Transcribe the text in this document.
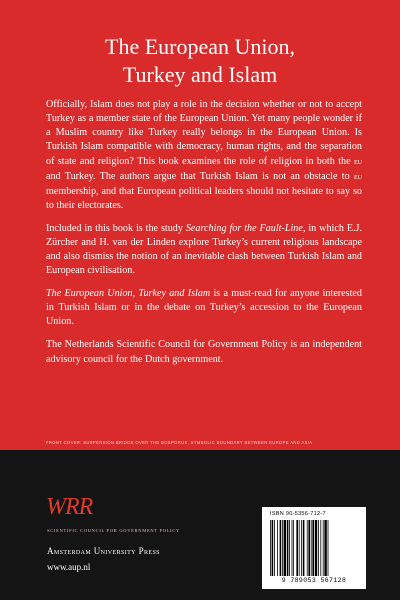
The European Union,
Turkey and Islam

Officially, Islam does not play a role in the decision whether or not to accept Turkey as a member state of the European Union. Yet many people wonder if a Muslim country like Turkey really belongs in the European Union. Is Turkish Islam compatible with democracy, human rights, and the separation of state and religion? This book examines the role of religion in both the eu and Turkey. The authors argue that Turkish Islam is not an obstacle to eu membership, and that European political leaders should not hesitate to say so to their electorates.

Included in this book is the study Searching for the Fault-Line, in which E.J. Zürcher and H. van der Linden explore Turkey’s current religious landscape and also dismiss the notion of an inevitable clash between Turkish Islam and European civilisation.

The European Union, Turkey and Islam is a must-read for anyone interested in Turkish Islam or in the debate on Turkey’s accession to the European Union.

The Netherlands Scientific Council for Government Policy is an independent advisory council for the Dutch government.

FRONT COVER: SUSPENSION BRIDGE OVER THE BOSPORUS, SYMBOLIC BOUNDARY BETWEEN EUROPE AND ASIA
WRR
SCIENTIFIC COUNCIL FOR GOVERNMENT POLICY
Amsterdam University Press
www.aup.nl
ISBN 90-5356-712-7
9 789053 567128
